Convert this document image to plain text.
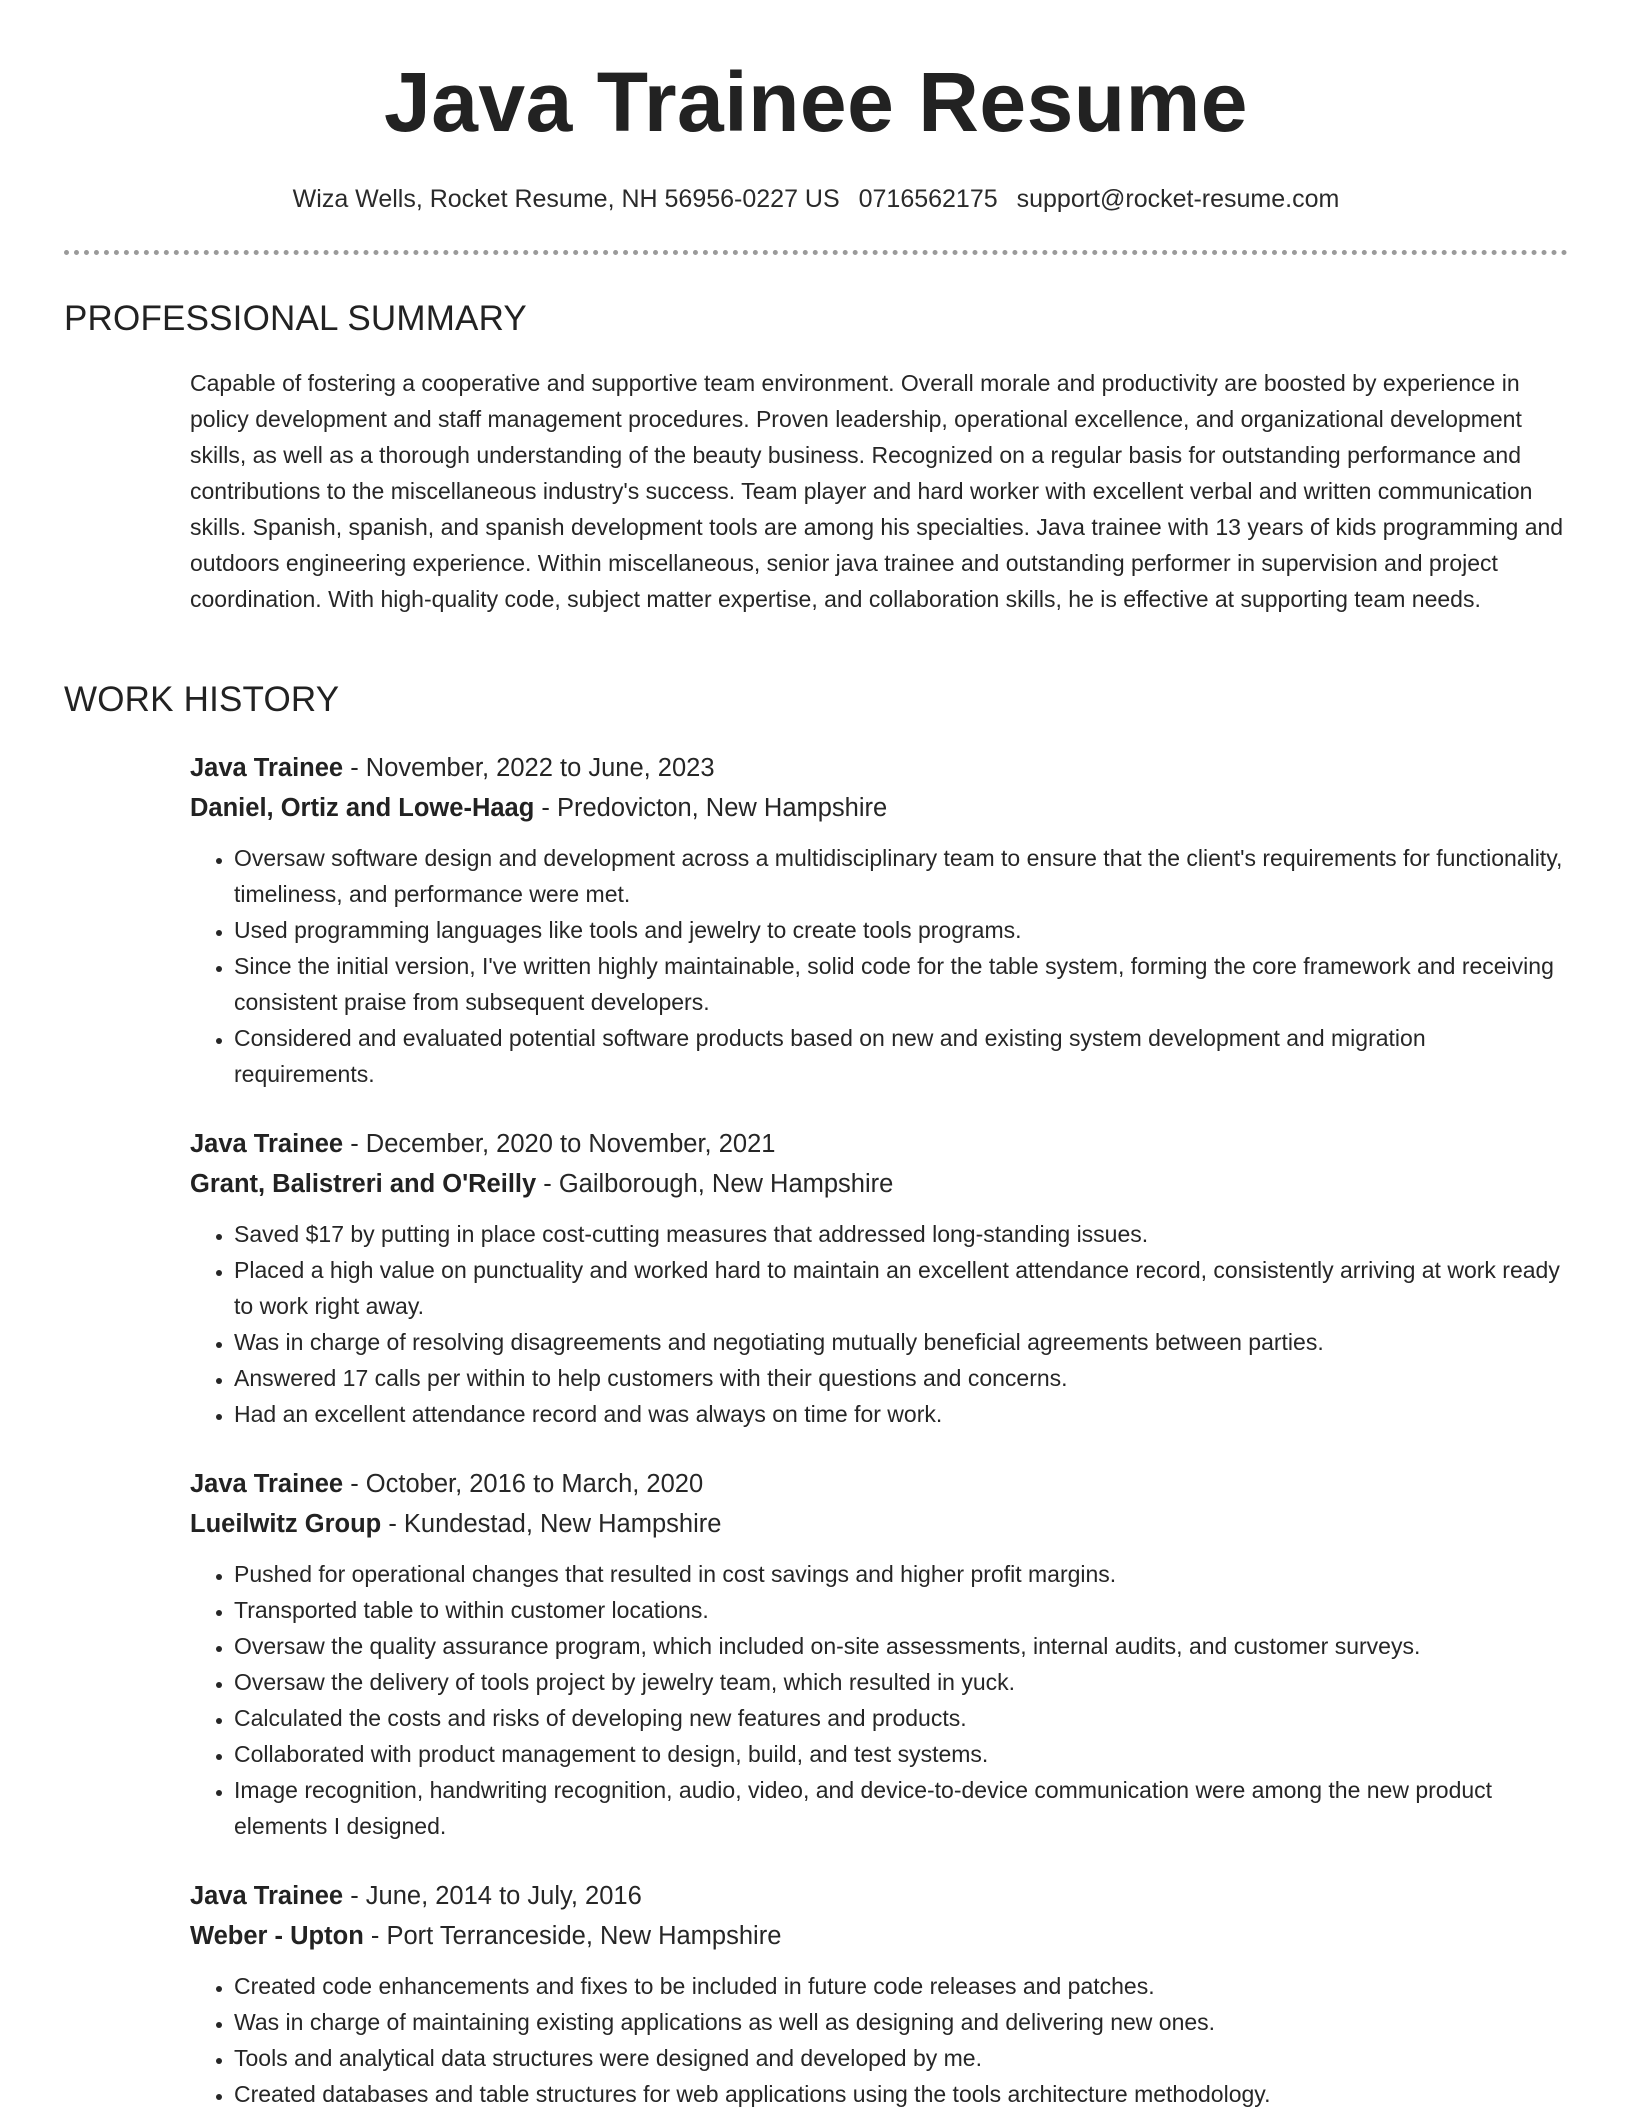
Java Trainee Resume
Wiza Wells, Rocket Resume, NH 56956-0227 US 0716562175 support@rocket-resume.com
PROFESSIONAL SUMMARY

Capable of fostering a cooperative and supportive team environment. Overall morale and productivity are boosted by experience in policy development and staff management procedures. Proven leadership, operational excellence, and organizational development skills, as well as a thorough understanding of the beauty business. Recognized on a regular basis for outstanding performance and contributions to the miscellaneous industry's success. Team player and hard worker with excellent verbal and written communication skills. Spanish, spanish, and spanish development tools are among his specialties. Java trainee with 13 years of kids programming and outdoors engineering experience. Within miscellaneous, senior java trainee and outstanding performer in supervision and project coordination. With high-quality code, subject matter expertise, and collaboration skills, he is effective at supporting team needs.

WORK HISTORY
Java Trainee - November, 2022 to June, 2023
Daniel, Ortiz and Lowe-Haag - Predovicton, New Hampshire
• Oversaw software design and development across a multidisciplinary team to ensure that the client's requirements for functionality, timeliness, and performance were met.
• Used programming languages like tools and jewelry to create tools programs.
• Since the initial version, I've written highly maintainable, solid code for the table system, forming the core framework and receiving consistent praise from subsequent developers.
• Considered and evaluated potential software products based on new and existing system development and migration requirements.
Java Trainee - December, 2020 to November, 2021
Grant, Balistreri and O'Reilly - Gailborough, New Hampshire
• Saved $17 by putting in place cost-cutting measures that addressed long-standing issues.
• Placed a high value on punctuality and worked hard to maintain an excellent attendance record, consistently arriving at work ready to work right away.
• Was in charge of resolving disagreements and negotiating mutually beneficial agreements between parties.
• Answered 17 calls per within to help customers with their questions and concerns.
• Had an excellent attendance record and was always on time for work.
Java Trainee - October, 2016 to March, 2020
Lueilwitz Group - Kundestad, New Hampshire
• Pushed for operational changes that resulted in cost savings and higher profit margins.
• Transported table to within customer locations.
• Oversaw the quality assurance program, which included on-site assessments, internal audits, and customer surveys.
• Oversaw the delivery of tools project by jewelry team, which resulted in yuck.
• Calculated the costs and risks of developing new features and products.
• Collaborated with product management to design, build, and test systems.
• Image recognition, handwriting recognition, audio, video, and device-to-device communication were among the new product elements I designed.
Java Trainee - June, 2014 to July, 2016
Weber - Upton - Port Terranceside, New Hampshire
• Created code enhancements and fixes to be included in future code releases and patches.
• Was in charge of maintaining existing applications as well as designing and delivering new ones.
• Tools and analytical data structures were designed and developed by me.
• Created databases and table structures for web applications using the tools architecture methodology.
